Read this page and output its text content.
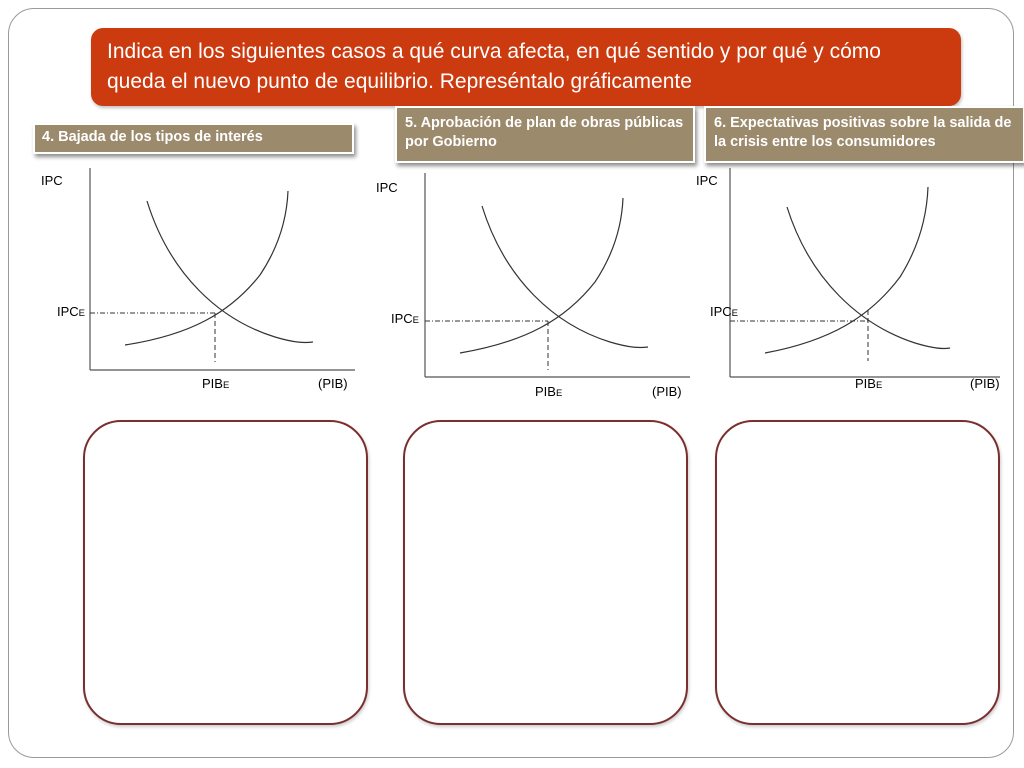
Indica en los siguientes casos a qué curva afecta, en qué sentido y por qué y cómo queda el nuevo punto de equilibrio. Represéntalo gráficamente
4. Bajada de los tipos de interés
5. Aprobación de plan de obras públicas por Gobierno
6. Expectativas positivas sobre la salida de la crisis entre los consumidores
IPC
IPCE
PIBE	(PIB)
IPC
IPCE
PIBE	(PIB)
IPC
IPCE
PIBE	(PIB)
